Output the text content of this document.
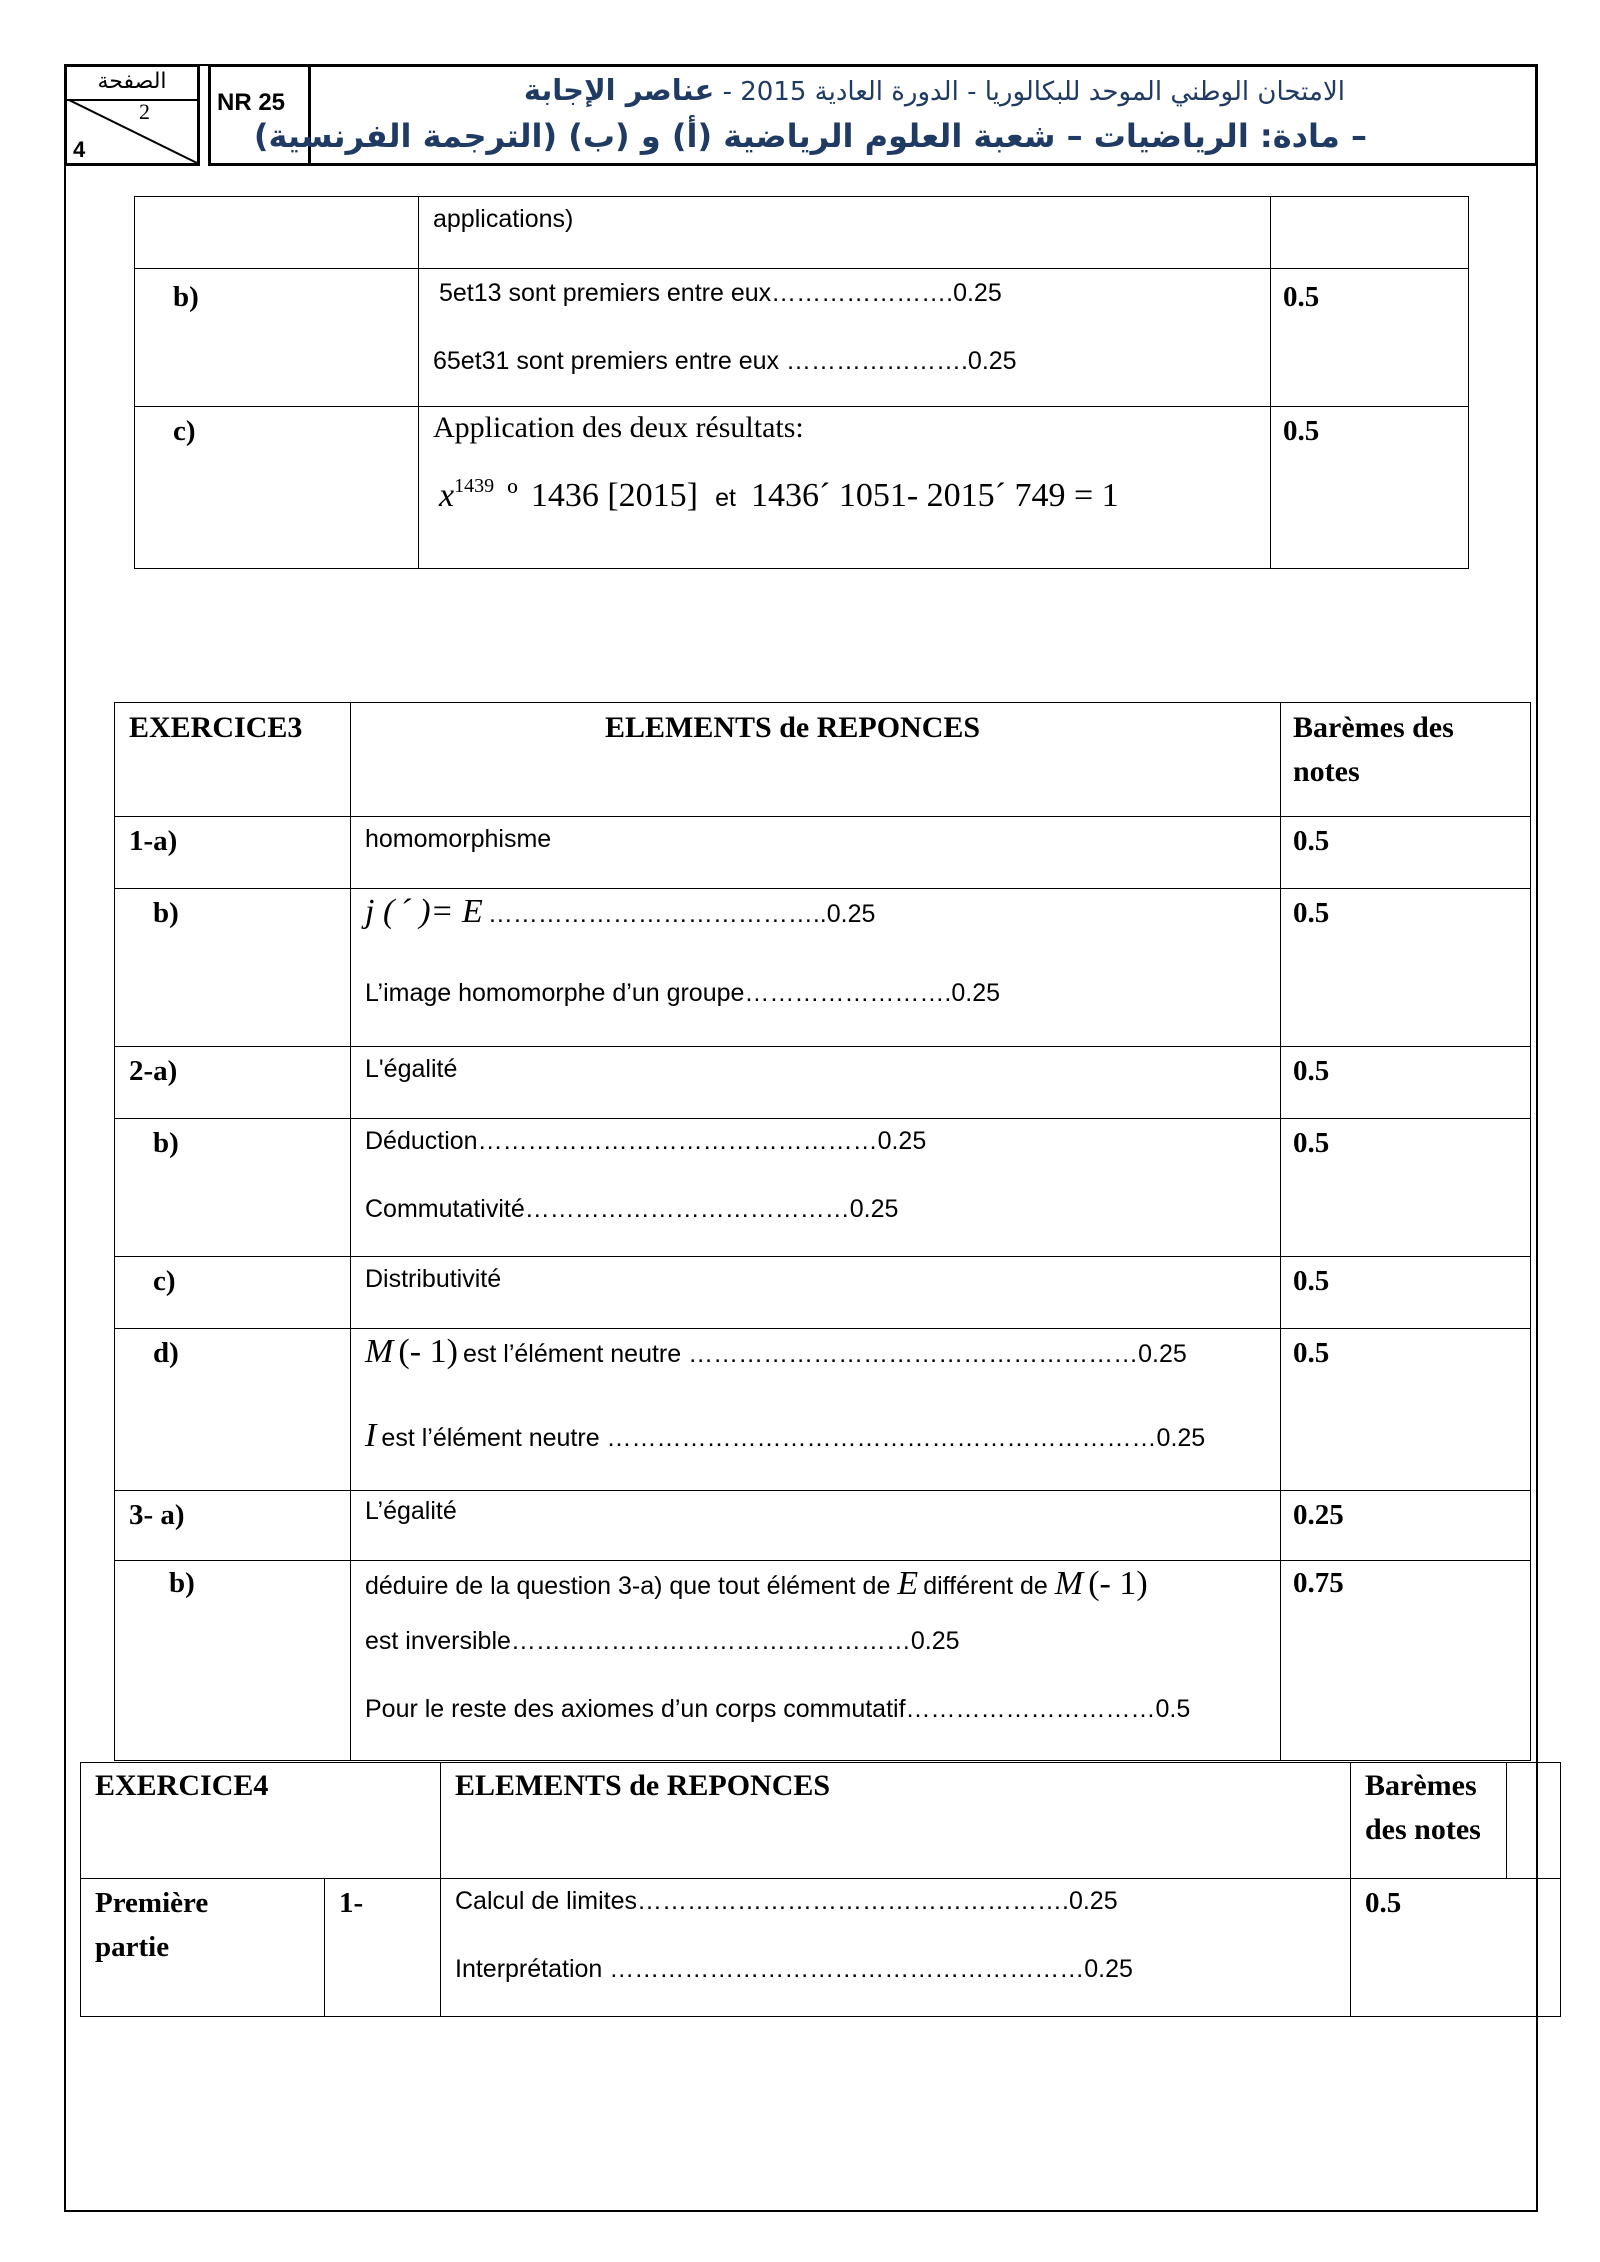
الصفحة
2
4
NR 25	الامتحان الوطني الموحد للبكالوريا - الدورة العادية 2015 - عناصر الإجابة
– مادة: الرياضيات – شعبة العلوم الرياضية (أ) و (ب) (الترجمة الفرنسية)

	applications)	

b)	5et13 sont premiers entre eux………………….0.25
65et31 sont premiers entre eux ………………….0.25	0.5

c)	Application des deux résultats:
$x^{1439}$ º 1436 [2015] et 1436´ 1051- 2015´ 749 = 1	0.5
EXERCICE3	ELEMENTS de REPONCES	Barèmes des
notes

1-a)	homomorphisme	0.5

b)	j ( ´ )= E …………………………………..0.25
L’image homomorphe d’un groupe…………………….0.25	0.5

2-a)	L'égalité	0.5

b)	Déduction…………………………………………0.25
Commutativité…………………………………0.25	0.5

c)	Distributivité	0.5

d)	M (- 1) est l’élément neutre ………………………………………………0.25
I est l’élément neutre …………………………………………………………0.25	0.5

3- a)	L’égalité	0.25

b)	déduire de la question 3-a) que tout élément de E différent de M (- 1)
est inversible…………………………………………0.25
Pour le reste des axiomes d’un corps commutatif…………………………0.5	0.75
EXERCICE4		ELEMENTS de REPONCES	Barèmes
des notes	

Première
partie	1-	Calcul de limites…………………………………………….0.25
Interprétation …………………………………………………0.25	0.5	
